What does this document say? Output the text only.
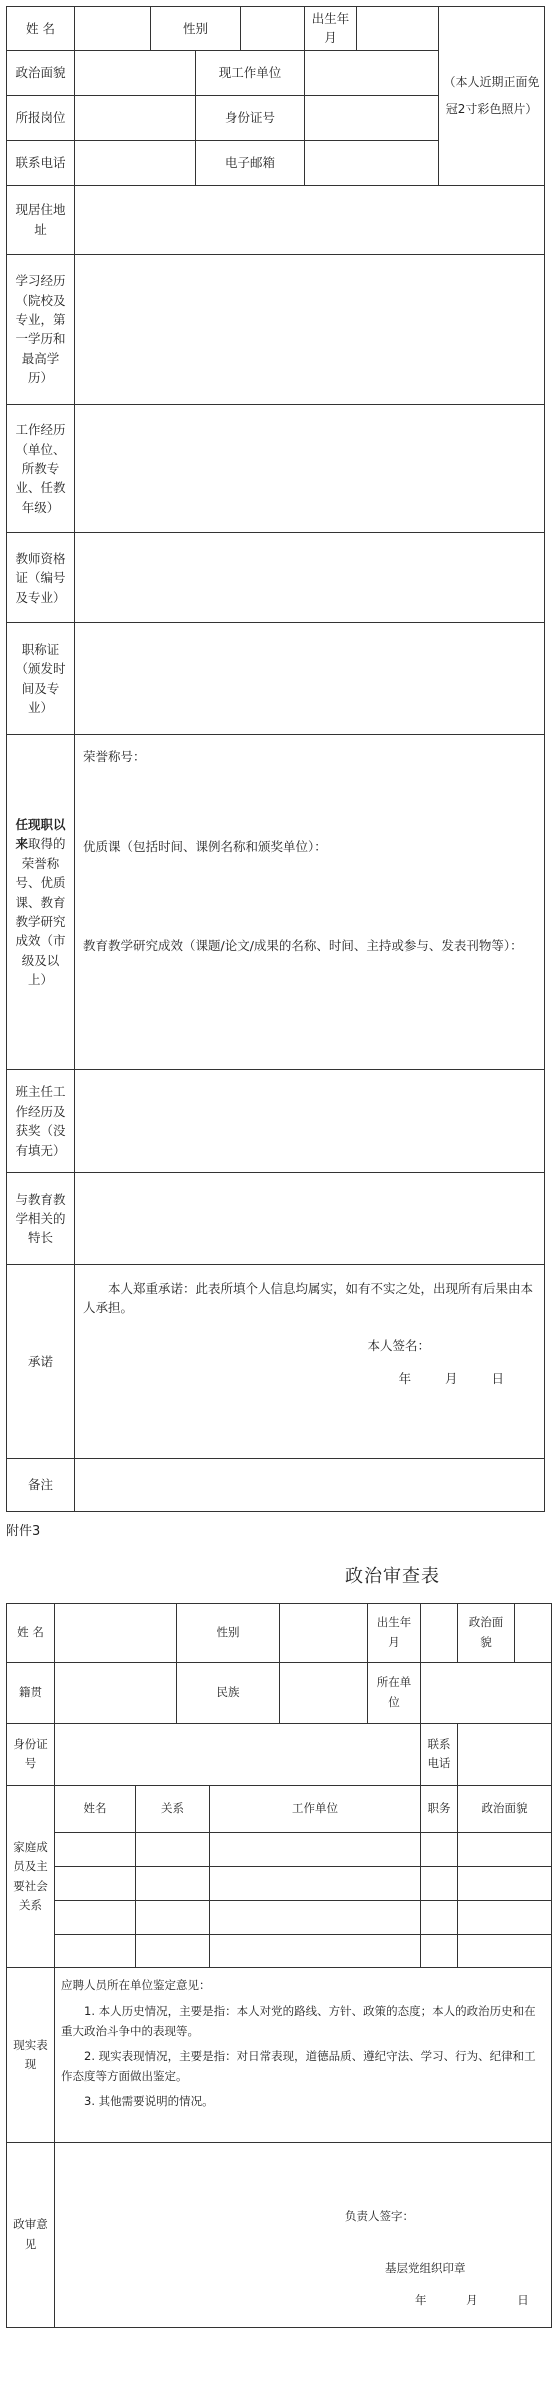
姓 名		性别			出生年月		（本人近期正面免冠2寸彩色照片）
政治面貌			现工作单位				
所报岗位			身份证号				
联系电话			电子邮箱				
现居住地址							
学习经历（院校及专业，第一学历和最高学历）							
工作经历（单位、所教专业、任教年级）							
教师资格证（编号及专业）							
职称证（颁发时间及专业）							
任现职以来取得的荣誉称号、优质课、教育教学研究成效（市级及以上）	荣誉称号：

优质课（包括时间、课例名称和颁奖单位）：

教育教学研究成效（课题/论文/成果的名称、时间、主持或参与、发表刊物等）：						

班主任工作经历及获奖（没有填无）							
与教育教学相关的特长							
承诺	本人郑重承诺：此表所填个人信息均属实，如有不实之处，出现所有后果由本人承担。

本人签名：

年 月 日						

备注							
附件3
政治审查表
姓 名			性别			出生年月		政治面貌	
籍贯			民族			所在单位			
身份证号							联系电话		
家庭成员及主要社会关系	姓名	关系		工作单位			职务	政治面貌	

现实表现	应聘人员所在单位鉴定意见：

1. 本人历史情况，主要是指：本人对党的路线、方针、政策的态度；本人的政治历史和在重大政治斗争中的表现等。

2. 现实表现情况，主要是指：对日常表现，道德品质、遵纪守法、学习、行为、纪律和工作态度等方面做出鉴定。

3. 其他需要说明的情况。								

政审意见	负责人签字：
基层党组织印章
年 月 日								
